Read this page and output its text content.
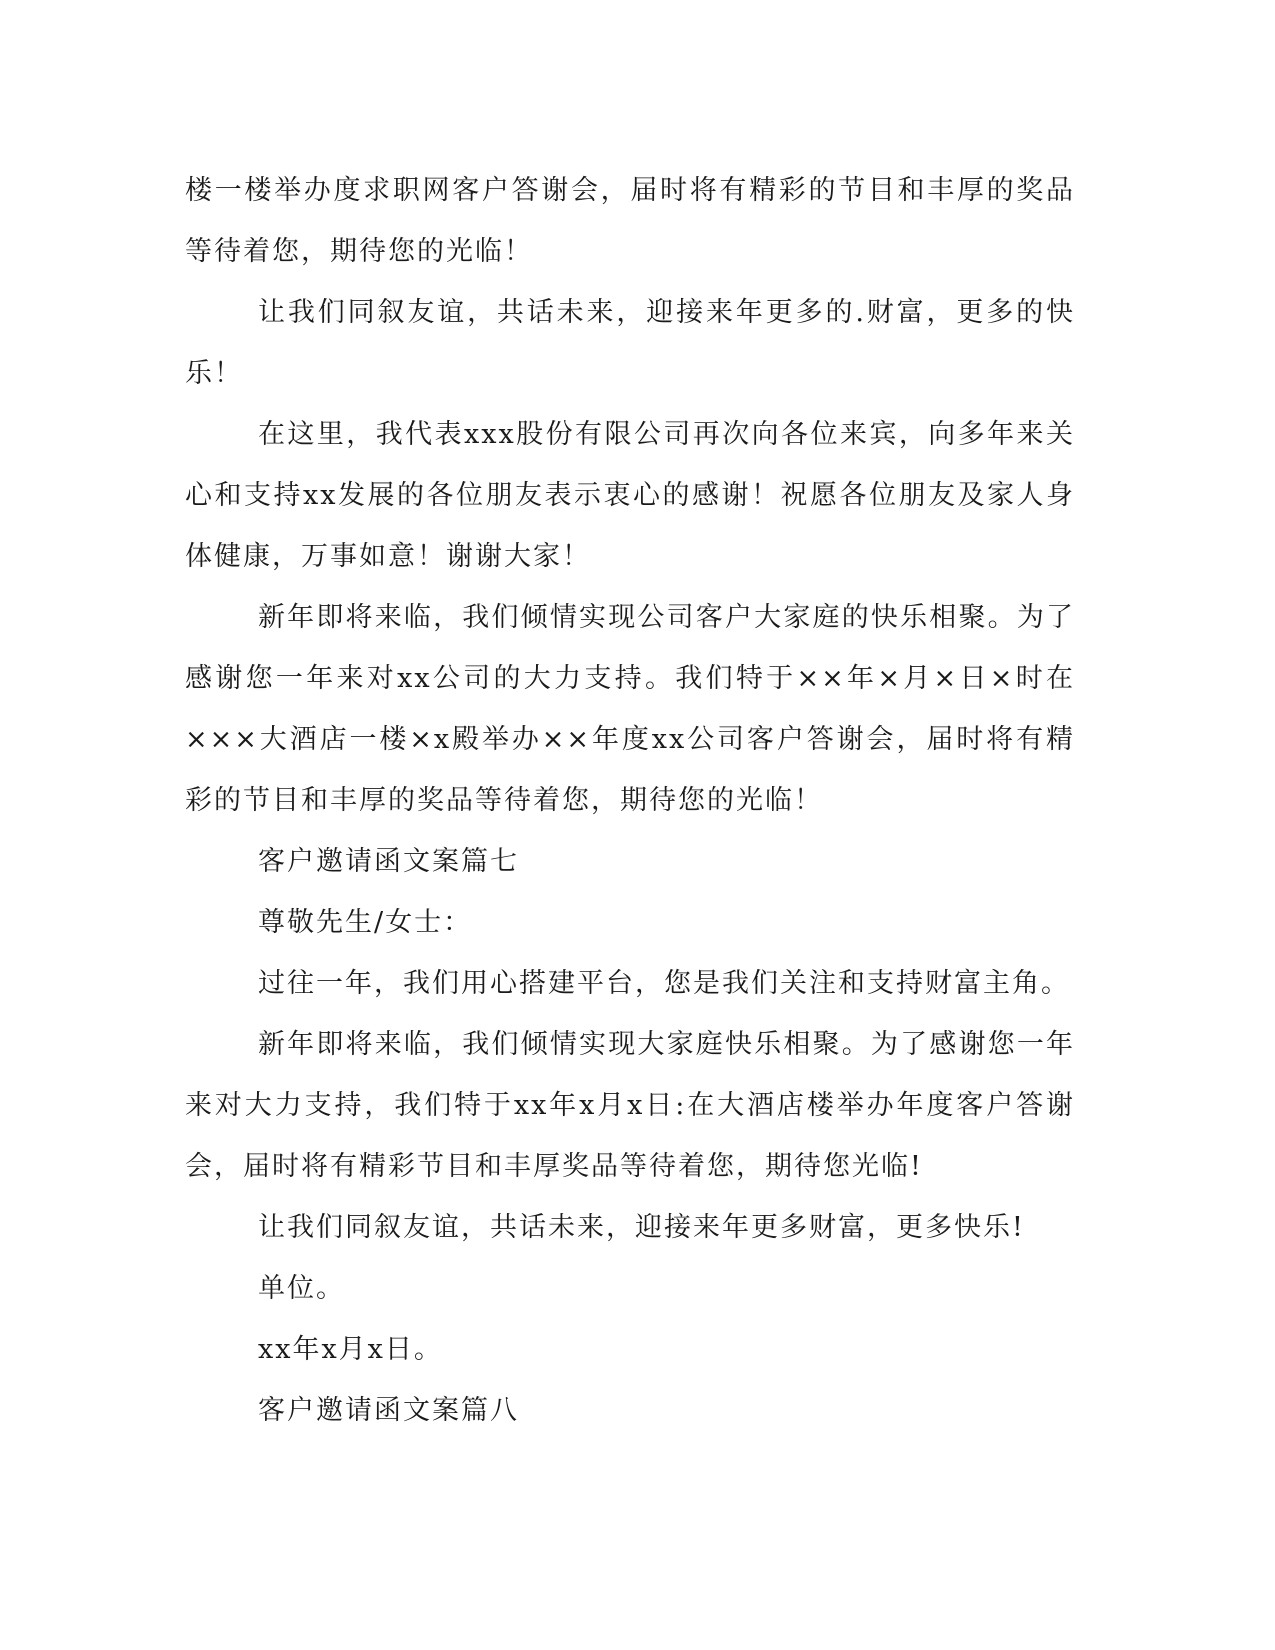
楼一楼举办度求职网客户答谢会，届时将有精彩的节目和丰厚的奖品等待着您，期待您的光临！

让我们同叙友谊，共话未来，迎接来年更多的.财富，更多的快乐！

在这里，我代表xxx股份有限公司再次向各位来宾，向多年来关心和支持xx发展的各位朋友表示衷心的感谢！祝愿各位朋友及家人身体健康，万事如意！谢谢大家！

新年即将来临，我们倾情实现公司客户大家庭的快乐相聚。为了感谢您一年来对xx公司的大力支持。我们特于××年×月×日×时在×××大酒店一楼×x殿举办××年度xx公司客户答谢会，届时将有精彩的节目和丰厚的奖品等待着您，期待您的光临！

客户邀请函文案篇七

尊敬先生/女士：

过往一年，我们用心搭建平台，您是我们关注和支持财富主角。

新年即将来临，我们倾情实现大家庭快乐相聚。为了感谢您一年来对大力支持，我们特于xx年x月x日:在大酒店楼举办年度客户答谢会，届时将有精彩节目和丰厚奖品等待着您，期待您光临!

让我们同叙友谊，共话未来，迎接来年更多财富，更多快乐!

单位。

xx年x月x日。

客户邀请函文案篇八
